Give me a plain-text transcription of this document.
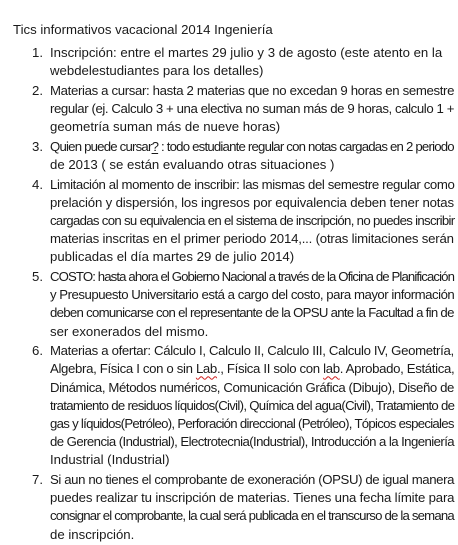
Tics informativos vacacional 2014 Ingeniería
1. Inscripción: entre el martes 29 julio y 3 de agosto (este atento en la
webdelestudiantes para los detalles)
2. Materias a cursar: hasta 2 materias que no excedan 9 horas en semestre
regular (ej. Calculo 3 + una electiva no suman más de 9 horas, calculo 1 +
geometría suman más de nueve horas)
3. Quien puede cursar? : todo estudiante regular con notas cargadas en 2 periodo
de 2013 ( se están evaluando otras situaciones )
4. Limitación al momento de inscribir: las mismas del semestre regular como
prelación y dispersión, los ingresos por equivalencia deben tener notas
cargadas con su equivalencia en el sistema de inscripción, no puedes inscribir
materias inscritas en el primer periodo 2014,... (otras limitaciones serán
publicadas el día martes 29 de julio 2014)
5. COSTO: hasta ahora el Gobierno Nacional a través de la Oficina de Planificación
y Presupuesto Universitario está a cargo del costo, para mayor información
deben comunicarse con el representante de la OPSU ante la Facultad a fin de
ser exonerados del mismo.
6. Materias a ofertar: Cálculo I, Calculo II, Calculo III, Calculo IV, Geometría,
Algebra, Física I con o sin Lab., Física II solo con lab. Aprobado, Estática,
Dinámica, Métodos numéricos, Comunicación Gráfica (Dibujo), Diseño de
tratamiento de residuos líquidos(Civil), Química del agua(Civil), Tratamiento de
gas y líquidos(Petróleo), Perforación direccional (Petróleo), Tópicos especiales
de Gerencia (Industrial), Electrotecnia(Industrial), Introducción a la Ingeniería
Industrial (Industrial)
7. Si aun no tienes el comprobante de exoneración (OPSU) de igual manera
puedes realizar tu inscripción de materias. Tienes una fecha límite para
consignar el comprobante, la cual será publicada en el transcurso de la semana
de inscripción.
